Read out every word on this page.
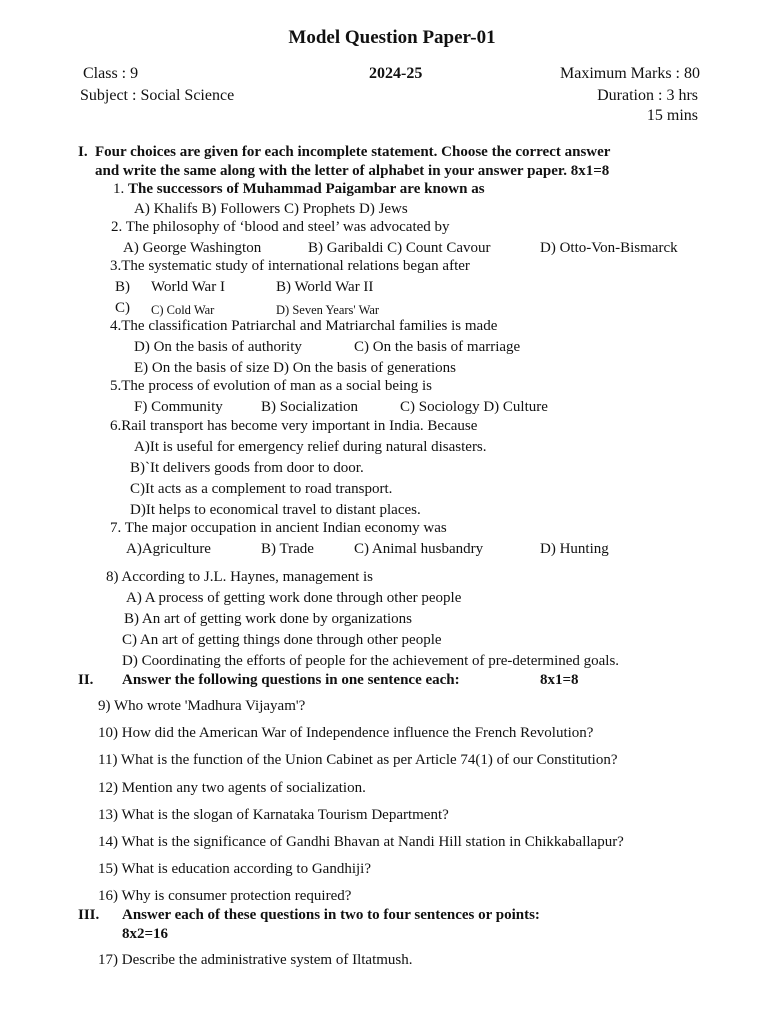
Model Question Paper-01
Class : 9	2024-25	Maximum Marks : 80
Subject : Social Science	Duration : 3 hrs
15 mins
I. Four choices are given for each incomplete statement. Choose the correct answer
and write the same along with the letter of alphabet in your answer paper. 8x1=8
1. The successors of Muhammad Paigambar are known as
A) Khalifs B) Followers C) Prophets D) Jews
2. The philosophy of ‘blood and steel’ was advocated by
A) George Washington	B) Garibaldi C) Count Cavour	D) Otto-Von-Bismarck
3.The systematic study of international relations began after
B) World War I	B) World War II
C) C) Cold War	D) Seven Years' War
4.The classification Patriarchal and Matriarchal families is made
D) On the basis of authority	C) On the basis of marriage
E) On the basis of size D) On the basis of generations
5.The process of evolution of man as a social being is
F) Community	B) Socialization	C) Sociology D) Culture
6.Rail transport has become very important in India. Because
A)It is useful for emergency relief during natural disasters.
B)`It delivers goods from door to door.
C)It acts as a complement to road transport.
D)It helps to economical travel to distant places.
7. The major occupation in ancient Indian economy was
A)Agriculture	B) Trade	C) Animal husbandry	D) Hunting
8) According to J.L. Haynes, management is
A) A process of getting work done through other people
B) An art of getting work done by organizations
C) An art of getting things done through other people
D) Coordinating the efforts of people for the achievement of pre-determined goals.
II. Answer the following questions in one sentence each:	8x1=8
9) Who wrote 'Madhura Vijayam'?
10) How did the American War of Independence influence the French Revolution?
11) What is the function of the Union Cabinet as per Article 74(1) of our Constitution?
12) Mention any two agents of socialization.
13) What is the slogan of Karnataka Tourism Department?
14) What is the significance of Gandhi Bhavan at Nandi Hill station in Chikkaballapur?
15) What is education according to Gandhiji?
16) Why is consumer protection required?
III. Answer each of these questions in two to four sentences or points:
8x2=16
17) Describe the administrative system of Iltatmush.
